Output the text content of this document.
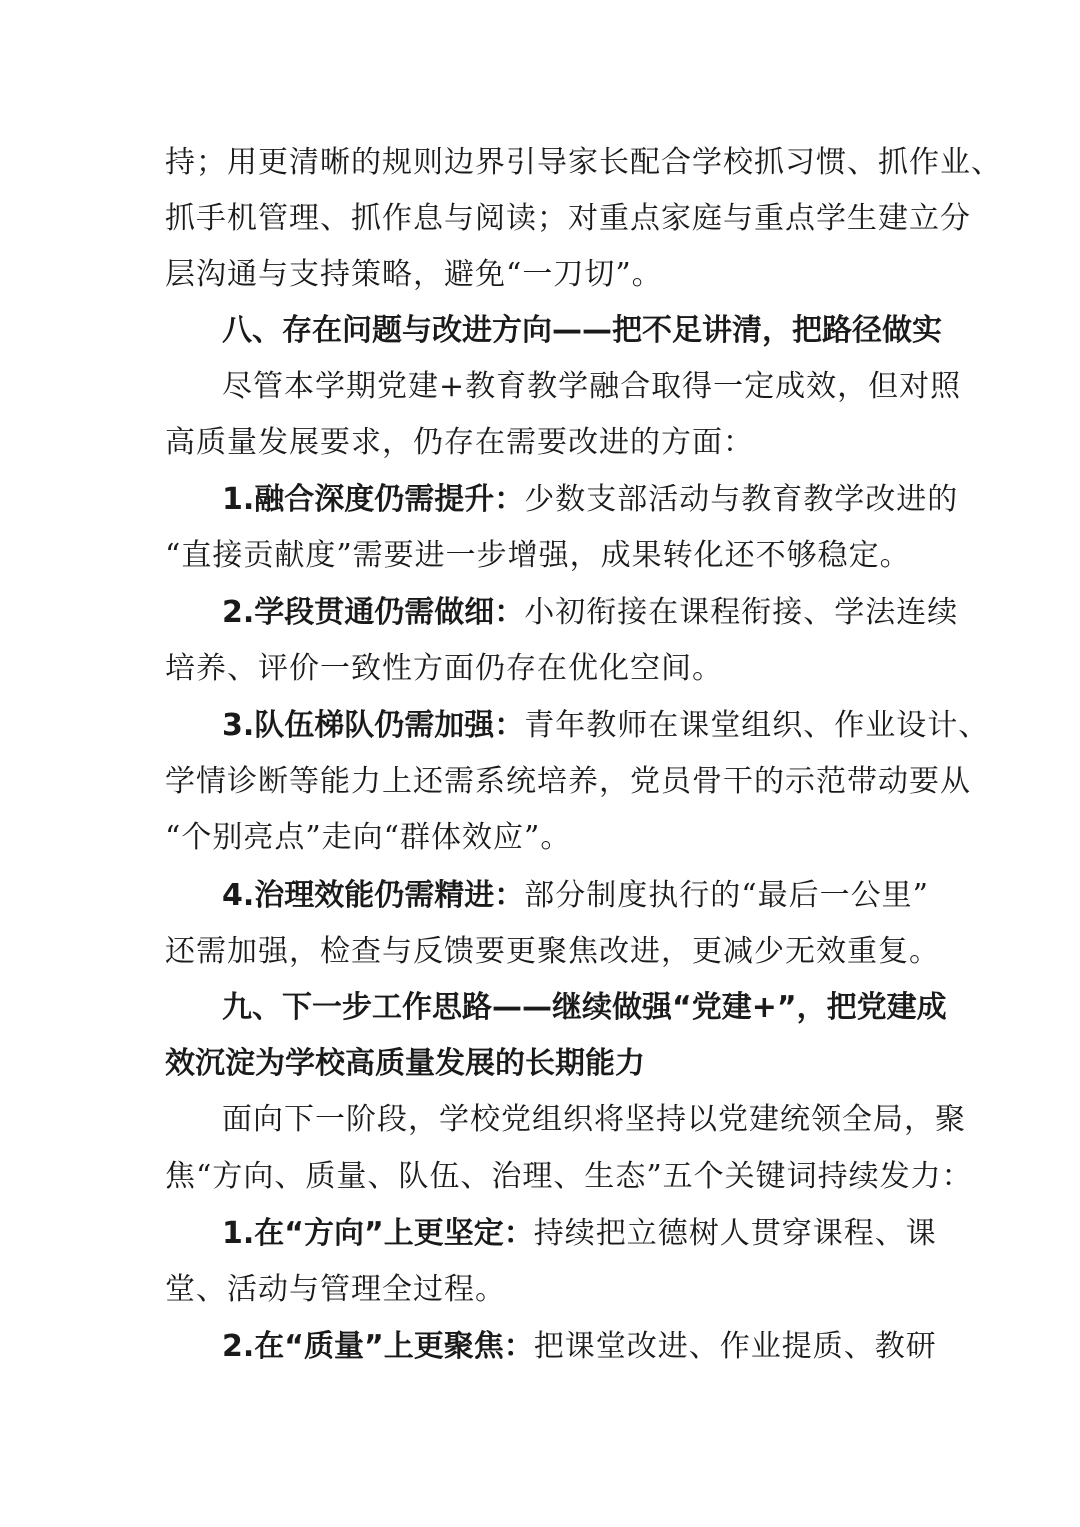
持；用更清晰的规则边界引导家长配合学校抓习惯、抓作业、
抓手机管理、抓作息与阅读；对重点家庭与重点学生建立分
层沟通与支持策略，避免“一刀切”。
八、存在问题与改进方向——把不足讲清，把路径做实
尽管本学期党建+教育教学融合取得一定成效，但对照
高质量发展要求，仍存在需要改进的方面：
1.融合深度仍需提升：少数支部活动与教育教学改进的
“直接贡献度”需要进一步增强，成果转化还不够稳定。
2.学段贯通仍需做细：小初衔接在课程衔接、学法连续
培养、评价一致性方面仍存在优化空间。
3.队伍梯队仍需加强：青年教师在课堂组织、作业设计、
学情诊断等能力上还需系统培养，党员骨干的示范带动要从
“个别亮点”走向“群体效应”。
4.治理效能仍需精进：部分制度执行的“最后一公里”
还需加强，检查与反馈要更聚焦改进，更减少无效重复。
九、下一步工作思路——继续做强“党建+”，把党建成
效沉淀为学校高质量发展的长期能力
面向下一阶段，学校党组织将坚持以党建统领全局，聚
焦“方向、质量、队伍、治理、生态”五个关键词持续发力：
1.在“方向”上更坚定：持续把立德树人贯穿课程、课
堂、活动与管理全过程。
2.在“质量”上更聚焦：把课堂改进、作业提质、教研
